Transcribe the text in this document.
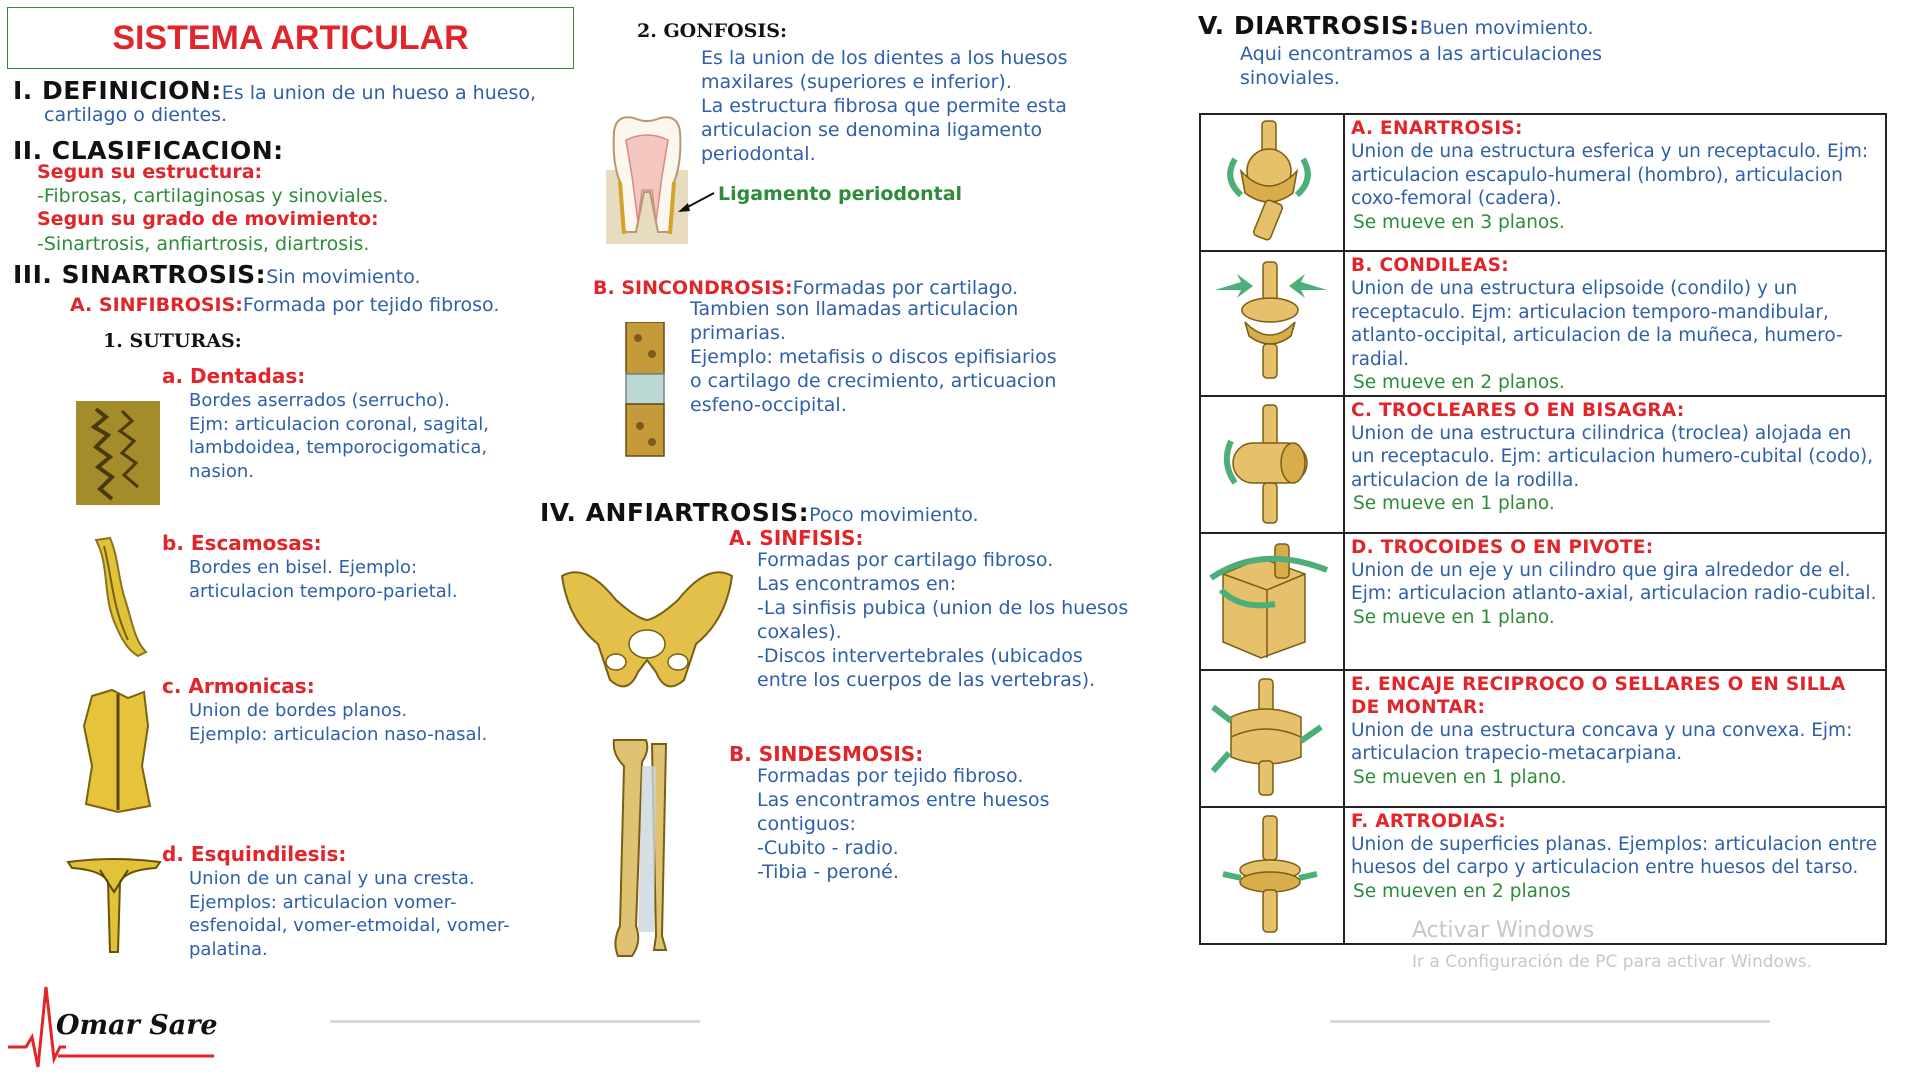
SISTEMA ARTICULAR
I. DEFINICION:Es la union de un hueso a hueso,
cartilago o dientes.
II. CLASIFICACION:
Segun su estructura:
-Fibrosas, cartilaginosas y sinoviales.
Segun su grado de movimiento:
-Sinartrosis, anfiartrosis, diartrosis.
III. SINARTROSIS:Sin movimiento.
A. SINFIBROSIS:Formada por tejido fibroso.
1. SUTURAS:
a. Dentadas:
Bordes aserrados (serrucho).
Ejm: articulacion coronal, sagital,
lambdoidea, temporocigomatica,
nasion.
b. Escamosas:
Bordes en bisel. Ejemplo:
articulacion temporo-parietal.
c. Armonicas:
Union de bordes planos.
Ejemplo: articulacion naso-nasal.
d. Esquindilesis:
Union de un canal y una cresta.
Ejemplos: articulacion vomer-
esfenoidal, vomer-etmoidal, vomer-
palatina.
2. GONFOSIS:
Es la union de los dientes a los huesos
maxilares (superiores e inferior).
La estructura fibrosa que permite esta
articulacion se denomina ligamento
periodontal.
Ligamento periodontal
B. SINCONDROSIS:Formadas por cartilago.
Tambien son llamadas articulacion
primarias.
Ejemplo: metafisis o discos epifisiarios
o cartilago de crecimiento, articuacion
esfeno-occipital.
IV. ANFIARTROSIS:Poco movimiento.
A. SINFISIS:
Formadas por cartilago fibroso.
Las encontramos en:
-La sinfisis pubica (union de los huesos
coxales).
-Discos intervertebrales (ubicados
entre los cuerpos de las vertebras).
B. SINDESMOSIS:
Formadas por tejido fibroso.
Las encontramos entre huesos
contiguos:
-Cubito - radio.
-Tibia - peroné.
V. DIARTROSIS:Buen movimiento.
Aqui encontramos a las articulaciones
sinoviales.

A. ENARTROSIS:
Union de una estructura esferica y un receptaculo. Ejm: articulacion escapulo-humeral (hombro), articulacion coxo-femoral (cadera).
Se mueve en 3 planos.

B. CONDILEAS:
Union de una estructura elipsoide (condilo) y un receptaculo. Ejm: articulacion temporo-mandibular, atlanto-occipital, articulacion de la muñeca, humero-radial.
Se mueve en 2 planos.

C. TROCLEARES O EN BISAGRA:
Union de una estructura cilindrica (troclea) alojada en un receptaculo. Ejm: articulacion humero-cubital (codo), articulacion de la rodilla.
Se mueve en 1 plano.

D. TROCOIDES O EN PIVOTE:
Union de un eje y un cilindro que gira alrededor de el. Ejm: articulacion atlanto-axial, articulacion radio-cubital.
Se mueve en 1 plano.

E. ENCAJE RECIPROCO O SELLARES O EN SILLA DE MONTAR:
Union de una estructura concava y una convexa. Ejm: articulacion trapecio-metacarpiana.
Se mueven en 1 plano.

F. ARTRODIAS:
Union de superficies planas. Ejemplos: articulacion entre huesos del carpo y articulacion entre huesos del tarso.
Se mueven en 2 planos
Activar Windows
Ir a Configuración de PC para activar Windows.
Omar Sare
